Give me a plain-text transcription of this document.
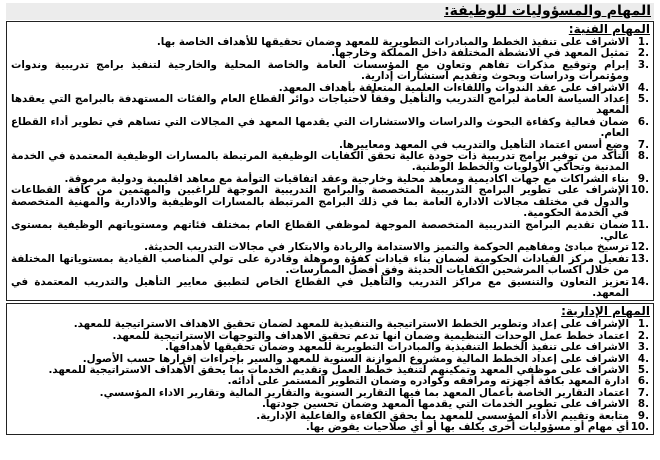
المهام والمسؤوليات للوظيفة:
المهام الفنية:
1.
الاشراف على تنفيذ الخطط والمبادرات التطويرية للمعهد وضمان تحقيقها للأهداف الخاصة بها.
2.
تمثيل المعهد في الانشطة المختلفة داخل المملكة وخارجها.
3.
إبرام وتوقيع مذكرات تفاهم وتعاون مع المؤسسات العامة والخاصة المحلية والخارجية لتنفيذ برامج تدريبية وندوات ومؤتمرات ودراسات وبحوث وتقديم استشارات إدارية.
4.
الاشراف على عقد الندوات واللقاءات العلمية المتعلقة بأهداف المعهد.
5.
إعداد السياسة العامة لبرامج التدريب والتأهيل وفقاً لاحتياجات دوائر القطاع العام والفئات المستهدفة بالبرامج التي يعقدها المعهد
6.
ضمان فعالية وكفاءة البحوث والدراسات والاستشارات التي يقدمها المعهد في المجالات التي تساهم في تطوير أداء القطاع العام.
7.
وضع أسس اعتماد التأهيل والتدريب في المعهد ومعاييرها.
8.
التأكد من توفير برامج تدريبية ذات جودة عالية تحقق الكفايات الوظيفية المرتبطة بالمسارات الوظيفية المعتمدة في الخدمة المدنية وتحاكي الأولويات والخطط الوطنية.
9.
بناء الشراكات مع جهات اكاديمية ومعاهد محلية وخارجية وعقد اتفاقيات التوأمة مع معاهد اقليمية ودولية مرموقة.
10.
الإشراف على تطوير البرامج التدريبية المتخصصة والبرامج التدريبية الموجهة للراغبين والمهتمين من كافة القطاعات والدول في مختلف مجالات الادارة العامة بما في ذلك البرامج المرتبطة بالمسارات الوظيفية والادارية والمهنية المتخصصة في الخدمة الحكومية.
11.
ضمان تقديم البرامج التدريبية المتخصصة الموجهة لموظفي القطاع العام بمختلف فئاتهم ومستوياتهم الوظيفية بمستوى عالي.
12.
ترسيخ مبادئ ومفاهيم الحوكمة والتميز والاستدامة والريادة والابتكار في مجالات التدريب الحديثة.
13.
تفعيل مركز القيادات الحكومية لضمان بناء قيادات كفؤة وموهلة وقادرة على تولي المناصب القيادية بمستوياتها المختلفة من خلال اكساب المرشحين الكفايات الحديثة وفق أفضل الممارسات.
14.
تعزيز التعاون والتنسيق مع مراكز التدريب والتأهيل في القطاع الخاص لتطبيق معايير التأهيل والتدريب المعتمدة في المعهد.
المهام الإدارية:
1.
الإشراف على إعداد وتطوير الخطط الاستراتيجية والتنفيذية للمعهد لضمان تحقيق الاهداف الاستراتيجية للمعهد.
2.
اعتماد خطط عمل الوحدات التنظيمية وضمان انها تدعم تحقيق الاهداف والتوجهات الاستراتيجية للمعهد.
3.
الاشراف على تنفيذ الخطط التنفيذية والمبادرات التطويرية للمعهد وضمان تحقيقها لأهدافها.
4.
الاشراف على إعداد الخطط المالية ومشروع الموازنة السنوية للمعهد والسير بإجراءات إقرارها حسب الأصول.
5.
الاشراف على موظفي المعهد وتمكينهم لتنفيذ خطط العمل وتقديم الخدمات بما يحقق الأهداف الاستراتيجية للمعهد.
6.
ادارة المعهد بكافة أجهزته ومرافقه وكوادره وضمان التطوير المستمر على أدائه.
7.
اعتماد التقارير الخاصة بأعمال المعهد بما فيها التقارير السنوية والتقارير المالية وتقارير الاداء المؤسسي.
8.
الاشراف على تطوير الخدمات التي يقدمها المعهد وضمان تحسين جودتها.
9.
متابعة وتقييم الأداء المؤسسي للمعهد بما يحقق الكفاءة والفاعلية الإدارية.
10.
أي مهام أو مسؤوليات أخرى يكلف بها أو أي صلاحيات يفوض بها.
